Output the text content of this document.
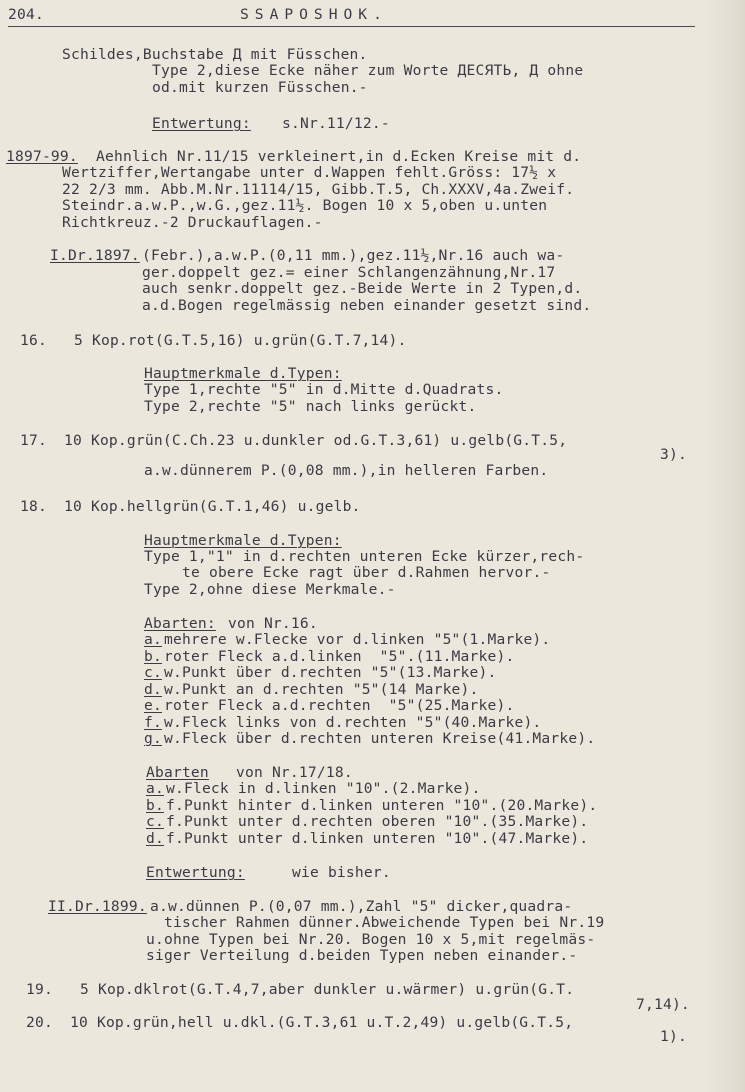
204.	SSAPOSHOK.
Schildes,Buchstabe Д mit Füsschen.
Type 2,diese Ecke näher zum Worte ДЕСЯТЬ, Д ohne
od.mit kurzen Füsschen.-
Entwertung: s.Nr.11/12.-
1897-99. Aehnlich Nr.11/15 verkleinert,in d.Ecken Kreise mit d.
Wertziffer,Wertangabe unter d.Wappen fehlt.Gröss: 17½ x
22 2/3 mm. Abb.M.Nr.11114/15, Gibb.T.5, Ch.XXXV,4a.Zweif.
Steindr.a.w.P.,w.G.,gez.11½. Bogen 10 x 5,oben u.unten
Richtkreuz.-2 Druckauflagen.-
I.Dr.1897. (Febr.),a.w.P.(0,11 mm.),gez.11½,Nr.16 auch wa-
ger.doppelt gez.= einer Schlangenzähnung,Nr.17
auch senkr.doppelt gez.-Beide Werte in 2 Typen,d.
a.d.Bogen regelmässig neben einander gesetzt sind.
16. 5 Kop.rot(G.T.5,16) u.grün(G.T.7,14).
Hauptmerkmale d.Typen:
Type 1,rechte "5" in d.Mitte d.Quadrats.
Type 2,rechte "5" nach links gerückt.
17. 10 Kop.grün(C.Ch.23 u.dunkler od.G.T.3,61) u.gelb(G.T.5,
3).
a.w.dünnerem P.(0,08 mm.),in helleren Farben.
18. 10 Kop.hellgrün(G.T.1,46) u.gelb.
Hauptmerkmale d.Typen:
Type 1,"1" in d.rechten unteren Ecke kürzer,rech-
te obere Ecke ragt über d.Rahmen hervor.-
Type 2,ohne diese Merkmale.-
Abarten: von Nr.16.
a. mehrere w.Flecke vor d.linken "5"(1.Marke).
b. roter Fleck a.d.linken  "5".(11.Marke).
c. w.Punkt über d.rechten "5"(13.Marke).
d. w.Punkt an d.rechten "5"(14 Marke).
e. roter Fleck a.d.rechten  "5"(25.Marke).
f. w.Fleck links von d.rechten "5"(40.Marke).
g. w.Fleck über d.rechten unteren Kreise(41.Marke).
Abarten von Nr.17/18.
a. w.Fleck in d.linken "10".(2.Marke).
b. f.Punkt hinter d.linken unteren "10".(20.Marke).
c. f.Punkt unter d.rechten oberen "10".(35.Marke).
d. f.Punkt unter d.linken unteren "10".(47.Marke).
Entwertung:	wie bisher.
II.Dr.1899. a.w.dünnen P.(0,07 mm.),Zahl "5" dicker,quadra-
tischer Rahmen dünner.Abweichende Typen bei Nr.19
u.ohne Typen bei Nr.20. Bogen 10 x 5,mit regelmäs-
siger Verteilung d.beiden Typen neben einander.-
19. 5 Kop.dklrot(G.T.4,7,aber dunkler u.wärmer) u.grün(G.T.
7,14).
20. 10 Kop.grün,hell u.dkl.(G.T.3,61 u.T.2,49) u.gelb(G.T.5,
1).
